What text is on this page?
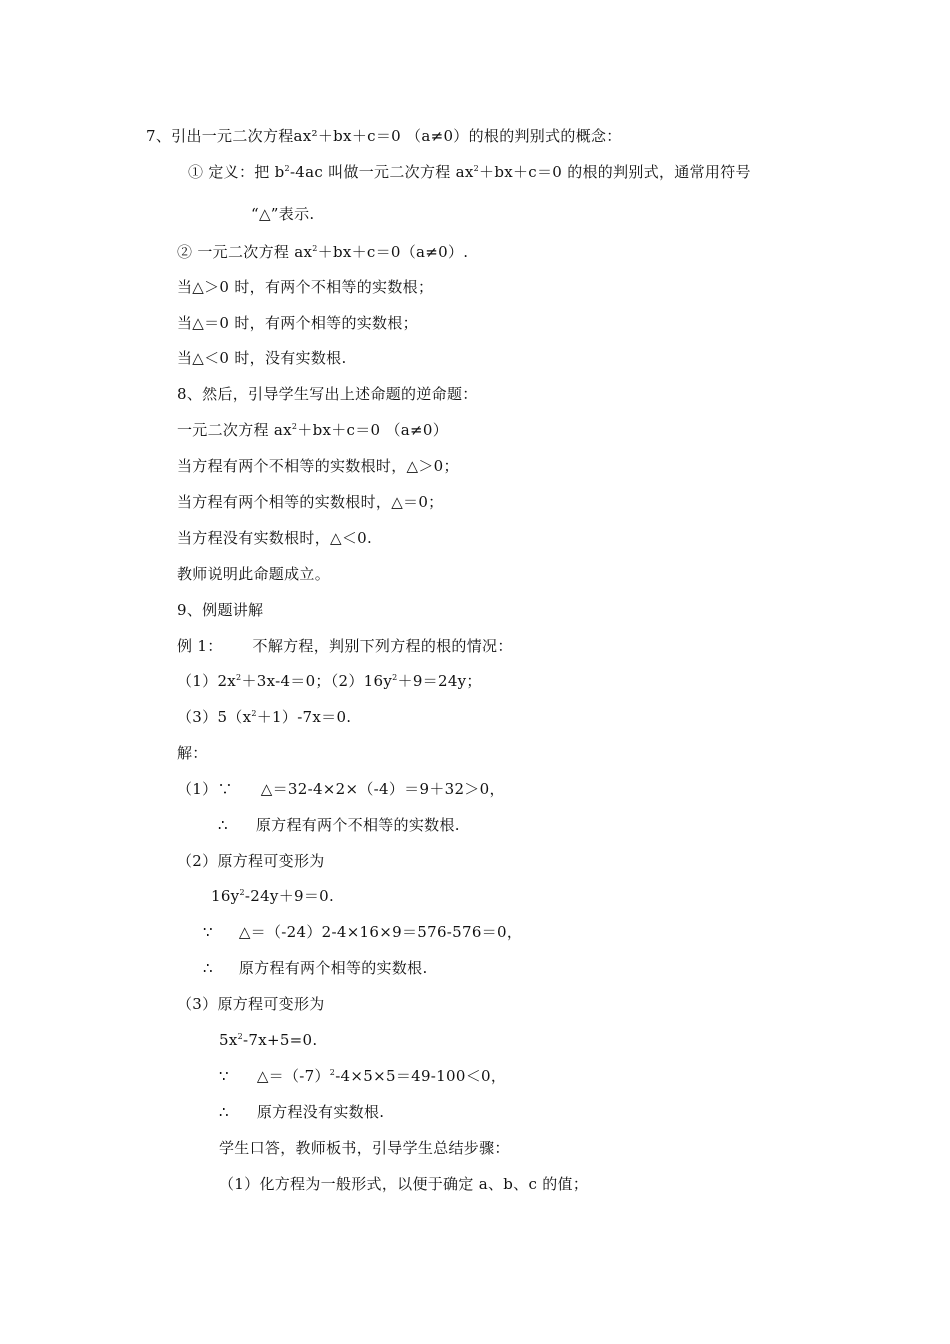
7、引出一元二次方程ax²＋bx＋c＝0 （a≠0）的根的判别式的概念：
① 定义：把 $b^2-4ac$ 叫做一元二次方程 $ax^2+bx+c=0$ 的根的判别式，通常用符号
“△”表示.
② 一元二次方程 $ax^2+bx+c=0(a\ne 0)$.
当△＞0 时，有两个不相等的实数根；
当△＝0 时，有两个相等的实数根；
当△＜0 时，没有实数根.
8、然后，引导学生写出上述命题的逆命题：
一元二次方程 $ax^2+bx+c=0$ （a≠0）
当方程有两个不相等的实数根时，△＞0；
当方程有两个相等的实数根时，△＝0；
当方程没有实数根时，△＜0.
教师说明此命题成立。
9、例题讲解
例 1： 不解方程，判别下列方程的根的情况：
$(1)2x^2+3x-4=0$；$(2)16y^2+9=24y$；
$(3)5(x^2+1)-7x=0$.
解：
（1）∵ △＝32-4×2×（-4）＝9＋32＞0，
∴ 原方程有两个不相等的实数根.
（2）原方程可变形为
$16y^2-24y+9=0$.
∵ △＝（-24）2-4×16×9＝576-576＝0，
∴ 原方程有两个相等的实数根.
（3）原方程可变形为
$5x^2-7x+5=0$.
∵ $\triangle=(-7)^2-4\times 5\times 5=49-100<0$，
∴ 原方程没有实数根.
学生口答，教师板书，引导学生总结步骤：
（1）化方程为一般形式，以便于确定 a、b、c 的值；
